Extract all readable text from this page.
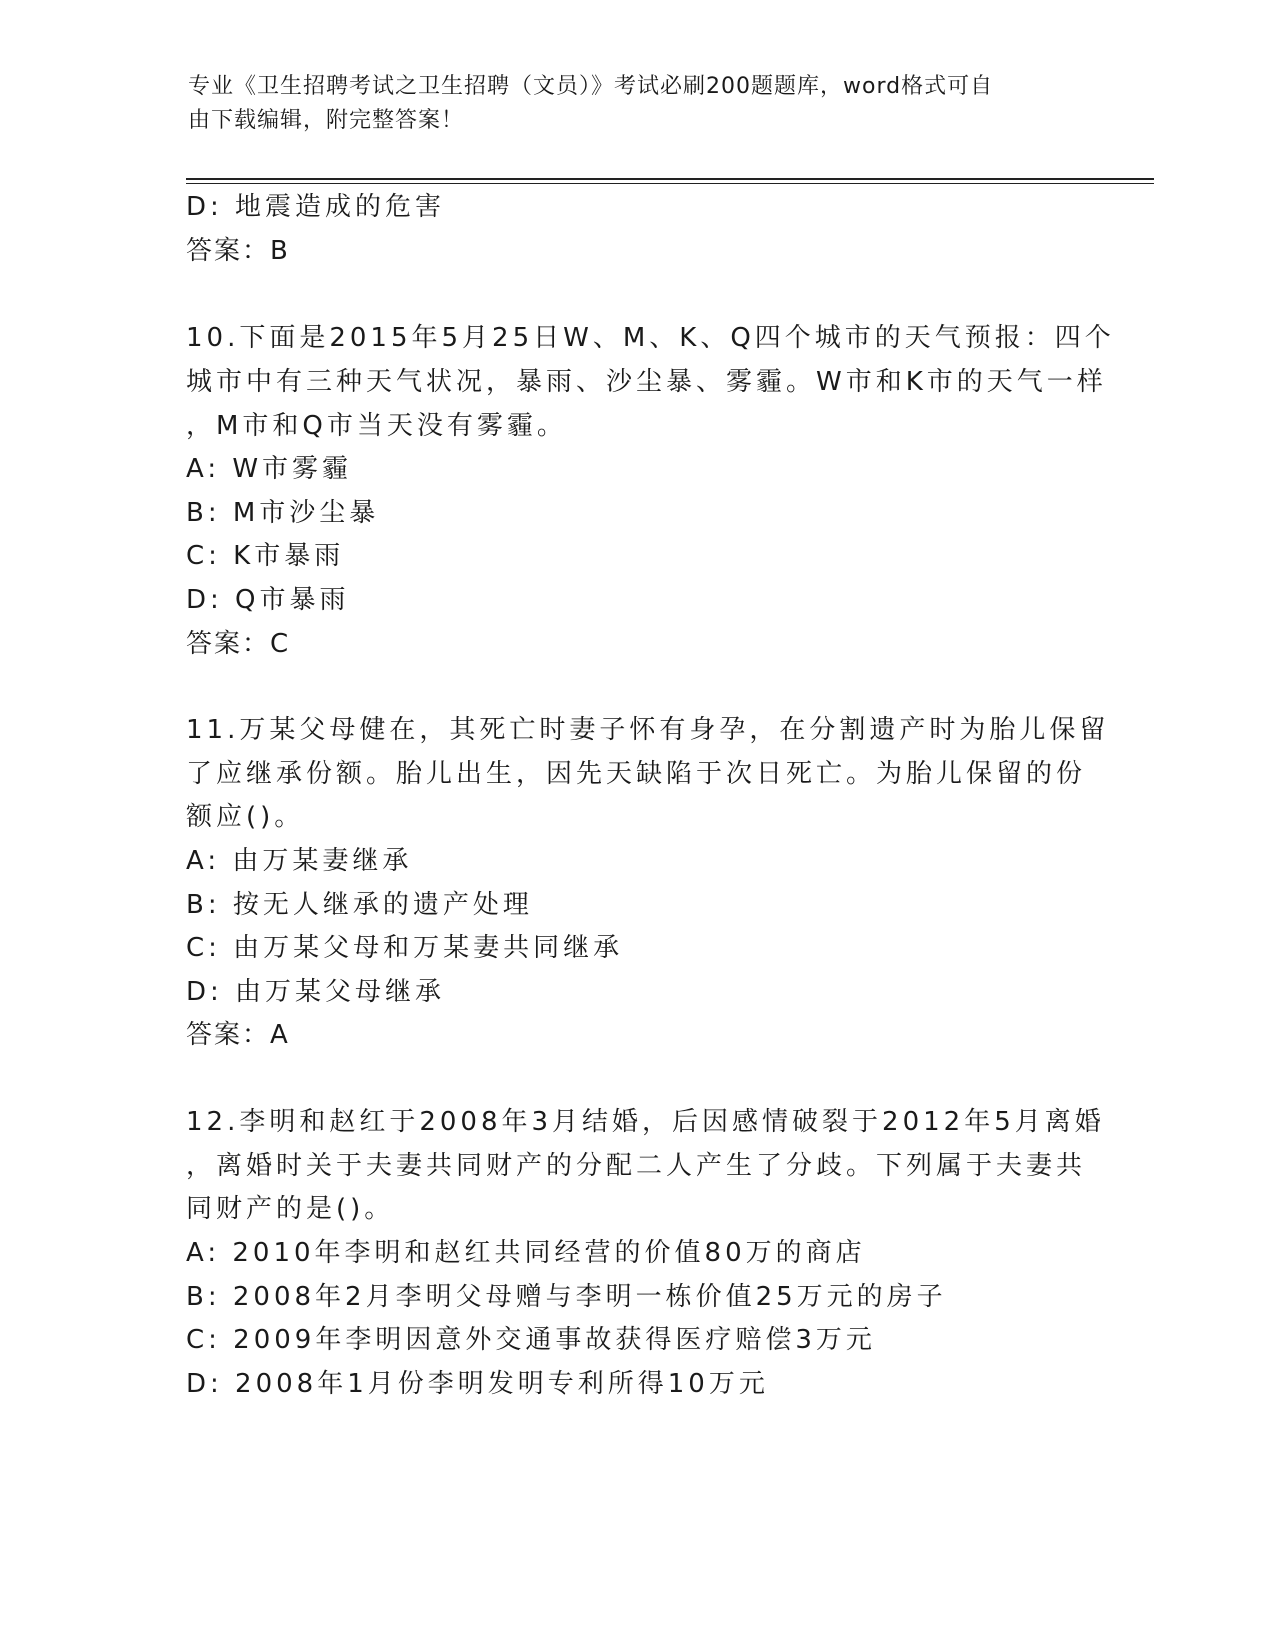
专业《卫生招聘考试之卫生招聘（文员）》考试必刷200题题库，word格式可自
由下载编辑，附完整答案！
D: 地震造成的危害
答案：B
10.下面是2015年5月25日W、M、K、Q四个城市的天气预报：四个
城市中有三种天气状况，暴雨、沙尘暴、雾霾。W市和K市的天气一样
，M市和Q市当天没有雾霾。
A: W市雾霾
B: M市沙尘暴
C: K市暴雨
D: Q市暴雨
答案：C
11.万某父母健在，其死亡时妻子怀有身孕，在分割遗产时为胎儿保留
了应继承份额。胎儿出生，因先天缺陷于次日死亡。为胎儿保留的份
额应()。
A: 由万某妻继承
B: 按无人继承的遗产处理
C: 由万某父母和万某妻共同继承
D: 由万某父母继承
答案：A
12.李明和赵红于2008年3月结婚，后因感情破裂于2012年5月离婚
，离婚时关于夫妻共同财产的分配二人产生了分歧。下列属于夫妻共
同财产的是()。
A: 2010年李明和赵红共同经营的价值80万的商店
B: 2008年2月李明父母赠与李明一栋价值25万元的房子
C: 2009年李明因意外交通事故获得医疗赔偿3万元
D: 2008年1月份李明发明专利所得10万元
